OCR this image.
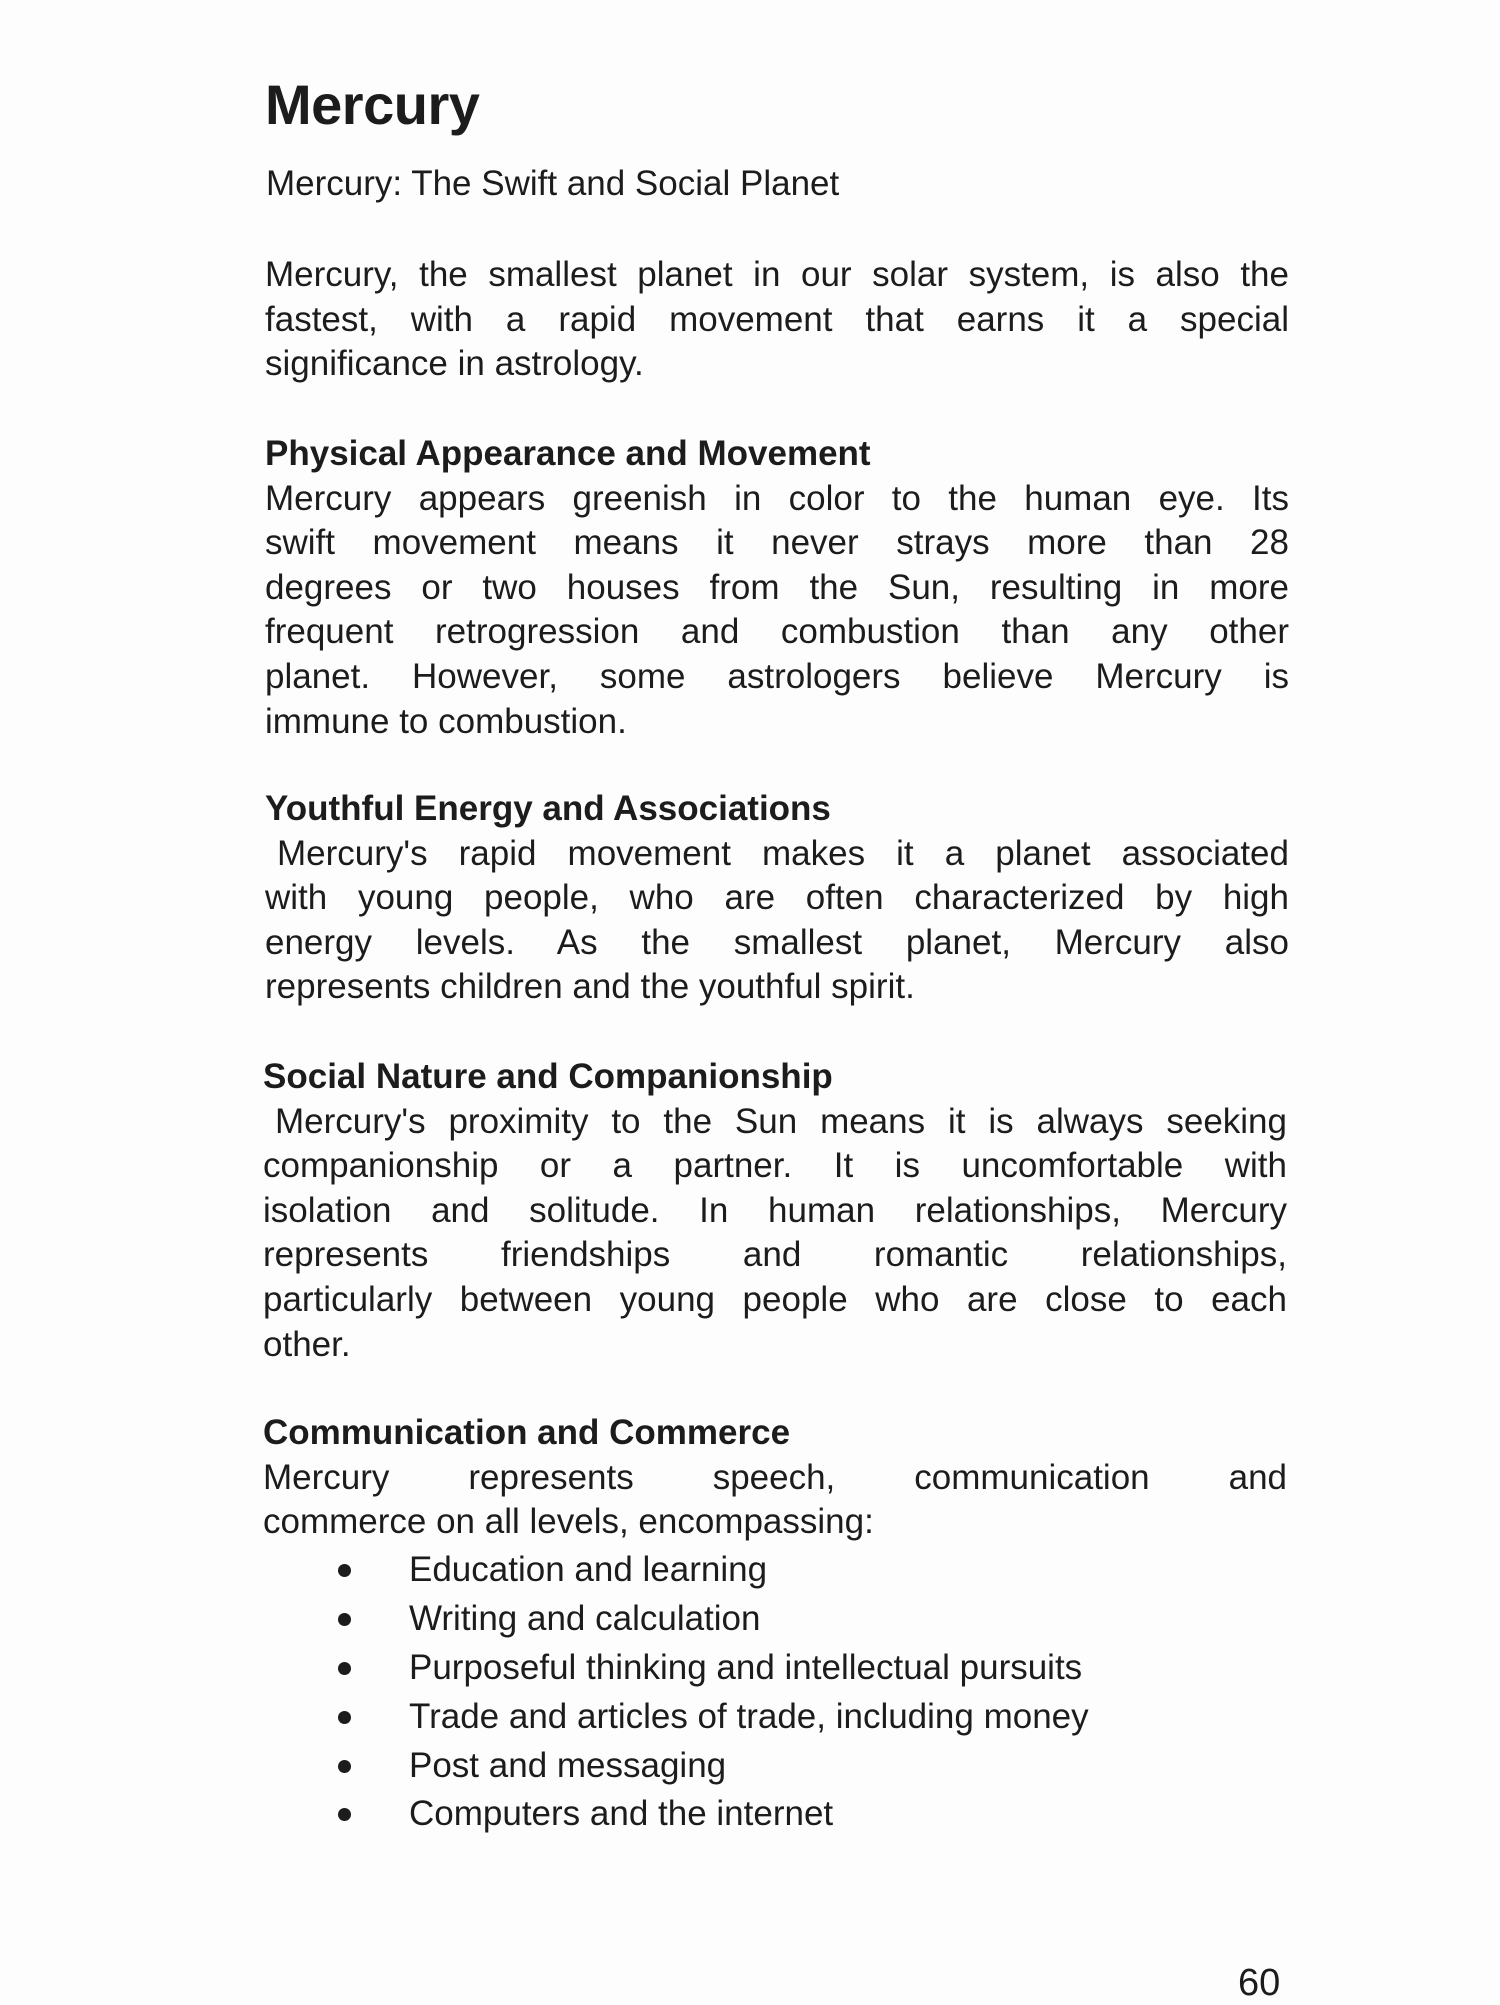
Mercury
Mercury: The Swift and Social Planet
Mercury, the smallest planet in our solar system, is also the
fastest, with a rapid movement that earns it a special
significance in astrology.
Physical Appearance and Movement
Mercury appears greenish in color to the human eye. Its
swift movement means it never strays more than 28
degrees or two houses from the Sun, resulting in more
frequent retrogression and combustion than any other
planet. However, some astrologers believe Mercury is
immune to combustion.
Youthful Energy and Associations
Mercury's rapid movement makes it a planet associated
with young people, who are often characterized by high
energy levels. As the smallest planet, Mercury also
represents children and the youthful spirit.
Social Nature and Companionship
Mercury's proximity to the Sun means it is always seeking
companionship or a partner. It is uncomfortable with
isolation and solitude. In human relationships, Mercury
represents friendships and romantic relationships,
particularly between young people who are close to each
other.
Communication and Commerce
Mercury represents speech, communication and
commerce on all levels, encompassing:
Education and learning
Writing and calculation
Purposeful thinking and intellectual pursuits
Trade and articles of trade, including money
Post and messaging
Computers and the internet
60
